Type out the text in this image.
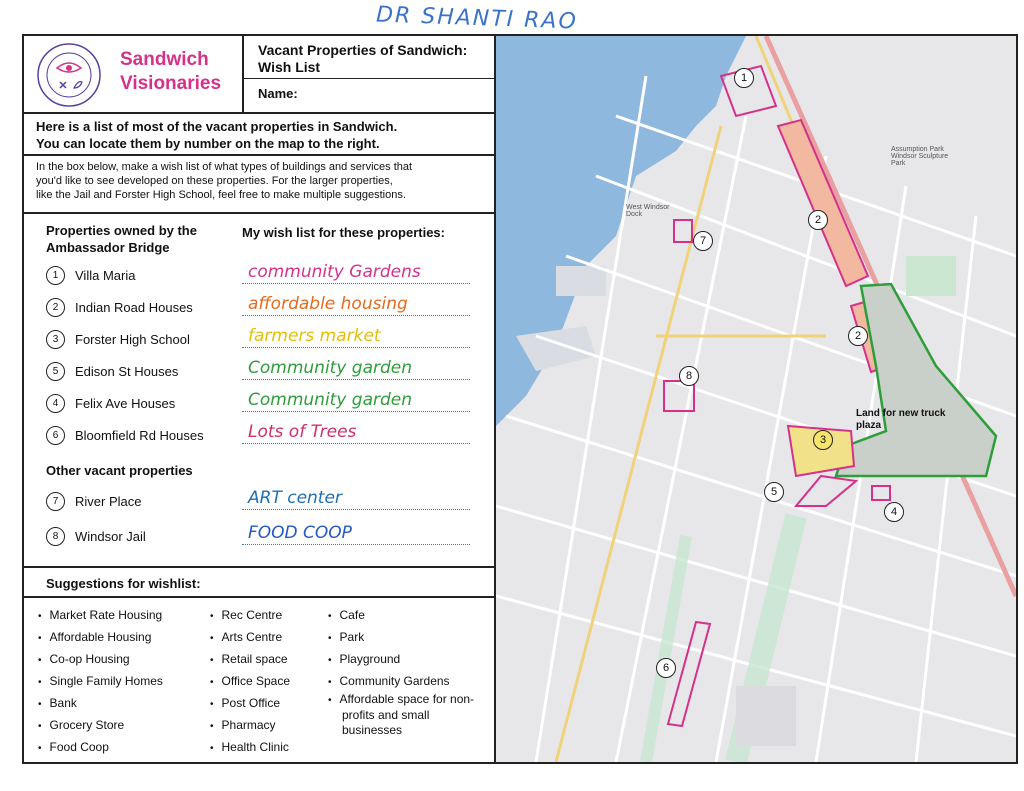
DR SHANTI RAO
Sandwich
Visionaries
Vacant Properties of Sandwich:
Wish List
Name:
Here is a list of most of the vacant properties in Sandwich.
You can locate them by number on the map to the right.
In the box below, make a wish list of what types of buildings and services that
you'd like to see developed on these properties. For the larger properties,
like the Jail and Forster High School, feel free to make multiple suggestions.
Properties owned by the
Ambassador Bridge
My wish list for these properties:
1	Villa Maria	community Gardens
2	Indian Road Houses	affordable housing
3	Forster High School	farmers market
5	Edison St Houses	Community garden
4	Felix Ave Houses	Community garden
6	Bloomfield Rd Houses	Lots of Trees
Other vacant properties
7	River Place	ART center
8	Windsor Jail	FOOD COOP
Suggestions for wishlist:
• Market Rate Housing
• Affordable Housing
• Co-op Housing
• Single Family Homes
• Bank
• Grocery Store
• Food Coop
• Rec Centre
• Arts Centre
• Retail space
• Office Space
• Post Office
• Pharmacy
• Health Clinic
• Cafe
• Park
• Playground
• Community Gardens
• Affordable space for non-profits and small businesses
Assumption Park Windsor Sculpture Park
West Windsor Dock
Land for new truck plaza
1
2
2
3
4
5
6
7
8
